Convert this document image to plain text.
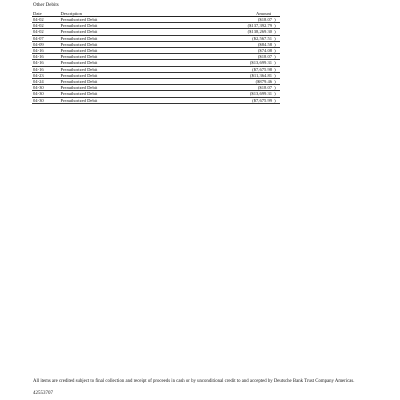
Other Debits
Date	Description	Amount	
04-02	Preauthorized Debit	($18.07	)
04-02	Preauthorized Debit	($137,392.79	)
04-02	Preauthorized Debit	($138,269.30	)
04-07	Preauthorized Debit	($2,567.51	)
04-09	Preauthorized Debit	($84.58	)
04-16	Preauthorized Debit	($74.08	)
04-16	Preauthorized Debit	($18.07	)
04-16	Preauthorized Debit	($13,699.31	)
04-16	Preauthorized Debit	($7,675.98	)
04-23	Preauthorized Debit	($11,364.81	)
04-24	Preauthorized Debit	($879.46	)
04-30	Preauthorized Debit	($18.07	)
04-30	Preauthorized Debit	($13,699.31	)
04-30	Preauthorized Debit	($7,675.99	)
All items are credited subject to final collection and receipt of proceeds in cash or by unconditional credit to and accepted by Deutsche Bank Trust Company Americas.
42553707
